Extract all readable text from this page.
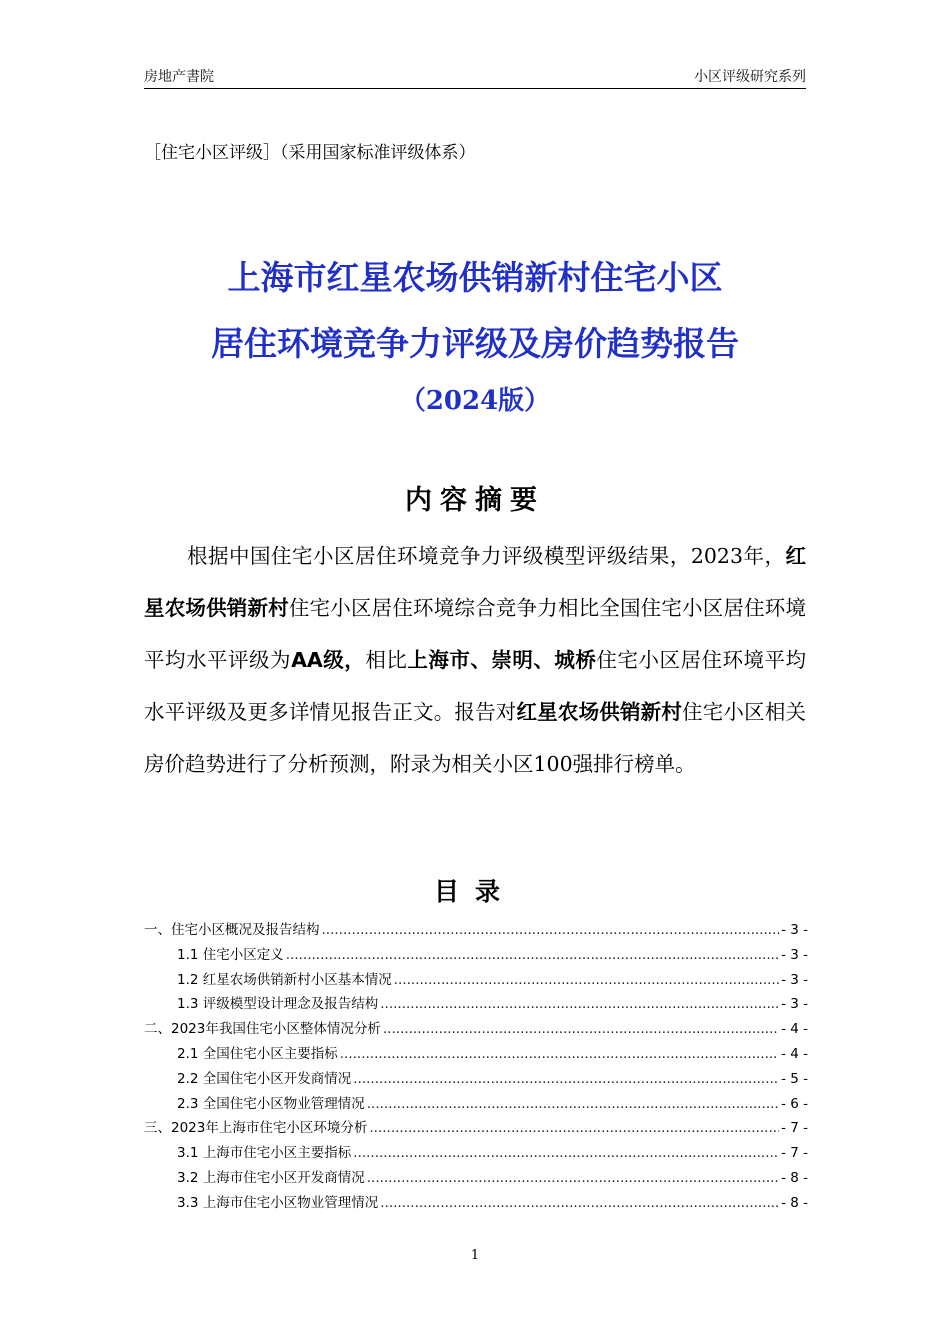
房地产書院	小区评级研究系列
［住宅小区评级］（采用国家标准评级体系）
上海市红星农场供销新村住宅小区
居住环境竞争力评级及房价趋势报告
（2024版）
内容摘要
根据中国住宅小区居住环境竞争力评级模型评级结果，2023年，红星农场供销新村住宅小区居住环境综合竞争力相比全国住宅小区居住环境平均水平评级为AA级，相比上海市、崇明、城桥住宅小区居住环境平均水平评级及更多详情见报告正文。报告对红星农场供销新村住宅小区相关房价趋势进行了分析预测，附录为相关小区100强排行榜单。
目录
一、住宅小区概况及报告结构 .....	- 3 -
1.1 住宅小区定义 .....	- 3 -
1.2 红星农场供销新村小区基本情况 .....	- 3 -
1.3 评级模型设计理念及报告结构 .....	- 3 -
二、2023年我国住宅小区整体情况分析 .....	- 4 -
2.1 全国住宅小区主要指标 .....	- 4 -
2.2 全国住宅小区开发商情况 .....	- 5 -
2.3 全国住宅小区物业管理情况 .....	- 6 -
三、2023年上海市住宅小区环境分析 .....	- 7 -
3.1 上海市住宅小区主要指标 .....	- 7 -
3.2 上海市住宅小区开发商情况 .....	- 8 -
3.3 上海市住宅小区物业管理情况 .....	- 8 -
1
